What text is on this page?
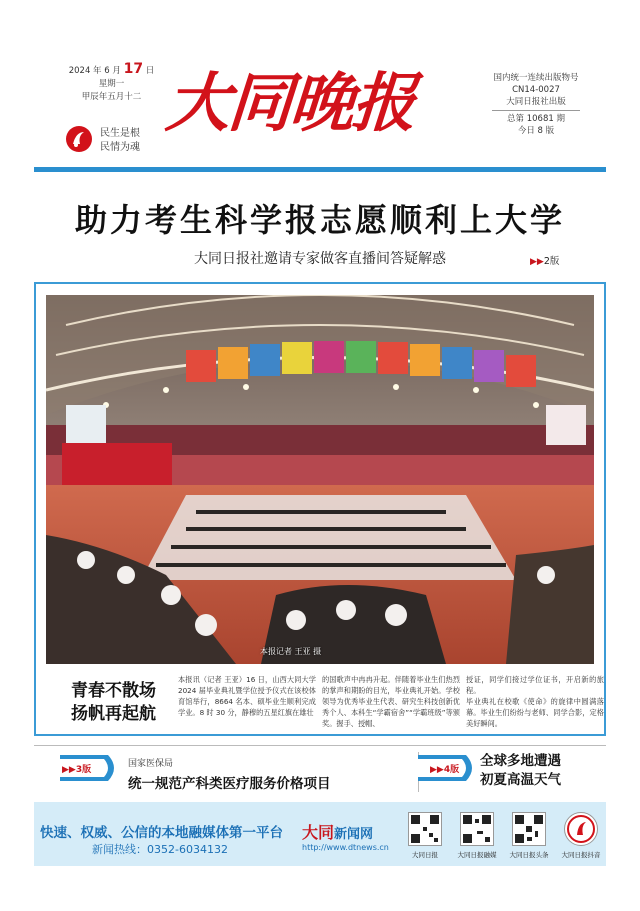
2024 年 6 月 17 日
星期一
甲辰年五月十二
民生是根
民情为魂
大同晚报	国内统一连续出版物号
CN14-0027
大同日报社出版
总第 10681 期
今日 8 版
助力考生科学报志愿顺利上大学
大同日报社邀请专家做客直播间答疑解惑	▶▶2版
本报记者 王亚 摄
青春不散场
扬帆再起航
本报讯（记者 王亚）16 日，山西大同大学 2024 届毕业典礼暨学位授予仪式在该校体育馆举行，8664 名本、硕毕业生顺利完成学业。8 时 30 分，静穆的五星红旗在雄壮
的国歌声中冉冉升起。伴随着毕业生们热烈的掌声和期盼的目光，毕业典礼开始。学校领导为优秀毕业生代表、研究生科技创新优秀个人、本科生“学霸宿舍”“学霸班级”等颁奖。握手、授帽、
授证，同学们接过学位证书，开启新的旅程。
毕业典礼在校歌《使命》的旋律中圆满落幕。毕业生们纷纷与老师、同学合影，定格美好瞬间。
▶▶3版
国家医保局
统一规范产科类医疗服务价格项目
▶▶4版
全球多地遭遇
初夏高温天气
快速、权威、公信的本地融媒体第一平台
新闻热线：0352-6034132
大同新闻网
http://www.dtnews.cn
大同日报	大同日报融媒	大同日报头条	大同日报抖音
